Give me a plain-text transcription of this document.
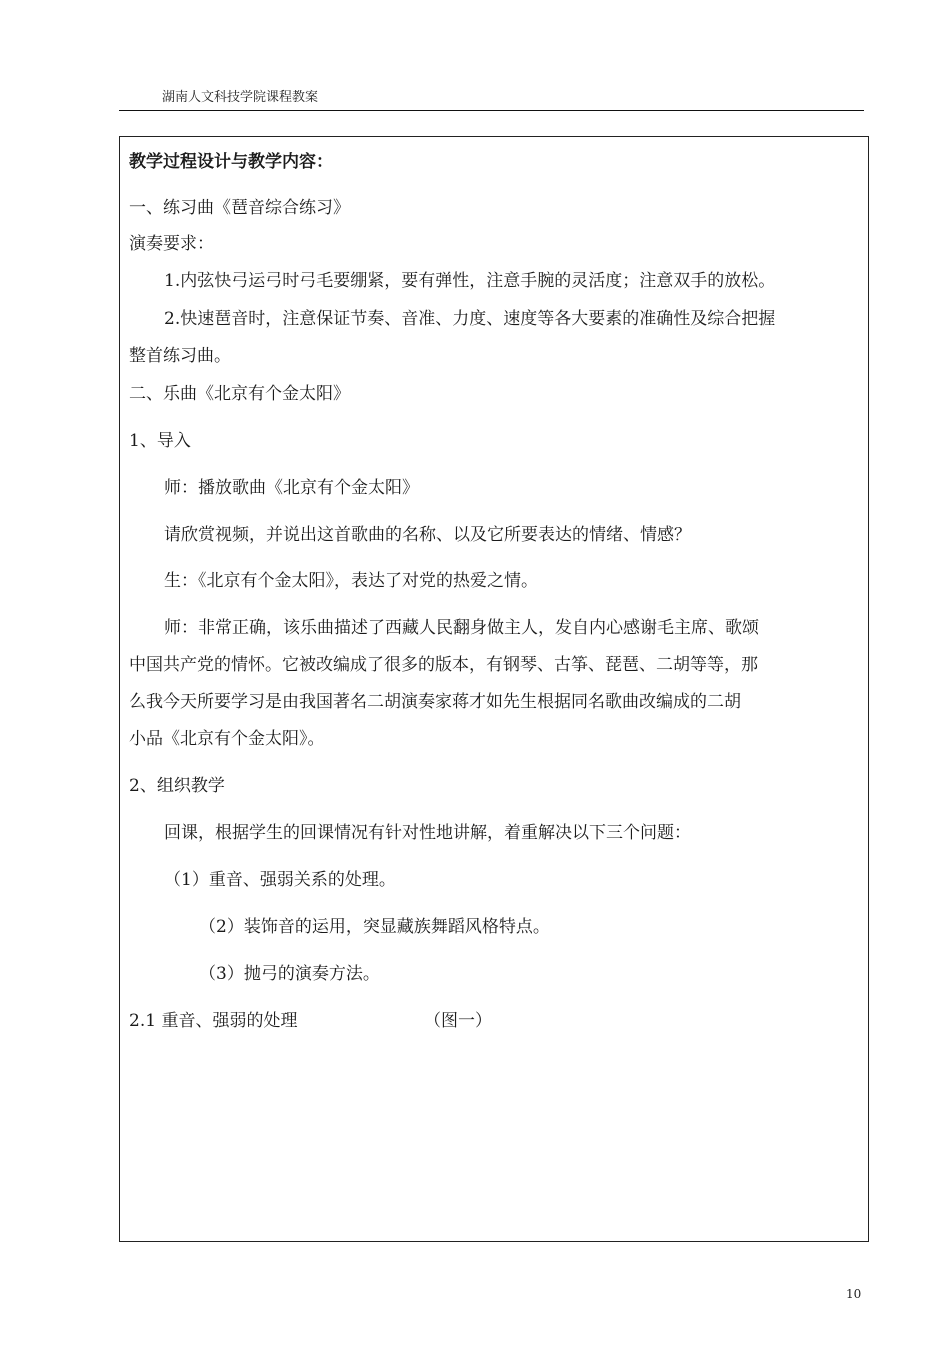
湖南人文科技学院课程教案
教学过程设计与教学内容：
一、练习曲《琶音综合练习》
演奏要求：
1.内弦快弓运弓时弓毛要绷紧，要有弹性，注意手腕的灵活度；注意双手的放松。
2.快速琶音时，注意保证节奏、音准、力度、速度等各大要素的准确性及综合把握
整首练习曲。
二、乐曲《北京有个金太阳》
1、导入
师：播放歌曲《北京有个金太阳》
请欣赏视频，并说出这首歌曲的名称、以及它所要表达的情绪、情感？
生：《北京有个金太阳》，表达了对党的热爱之情。
师：非常正确，该乐曲描述了西藏人民翻身做主人，发自内心感谢毛主席、歌颂
中国共产党的情怀。它被改编成了很多的版本，有钢琴、古筝、琵琶、二胡等等，那
么我今天所要学习是由我国著名二胡演奏家蒋才如先生根据同名歌曲改编成的二胡
小品《北京有个金太阳》。
2、组织教学
回课，根据学生的回课情况有针对性地讲解，着重解决以下三个问题：
（1）重音、强弱关系的处理。
（2）装饰音的运用，突显藏族舞蹈风格特点。
（3）抛弓的演奏方法。
2.1 重音、强弱的处理	（图一）
10
